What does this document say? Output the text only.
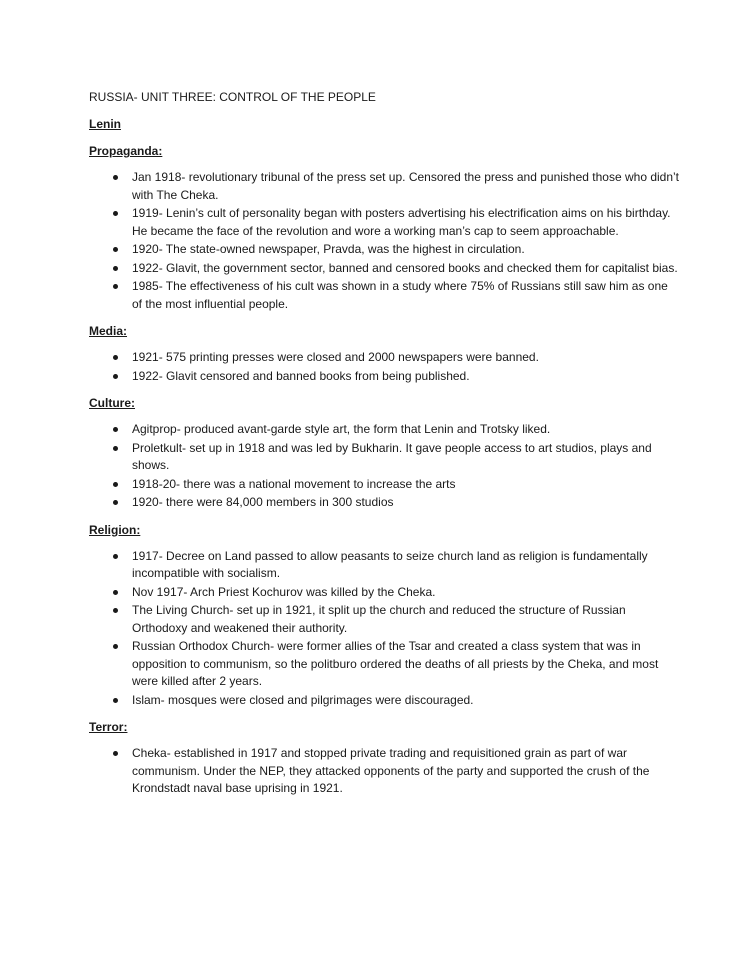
RUSSIA- UNIT THREE: CONTROL OF THE PEOPLE

Lenin

Propaganda:

Jan 1918- revolutionary tribunal of the press set up. Censored the press and punished those who didn’t with The Cheka.
1919- Lenin’s cult of personality began with posters advertising his electrification aims on his birthday. He became the face of the revolution and wore a working man’s cap to seem approachable.
1920- The state-owned newspaper, Pravda, was the highest in circulation.
1922- Glavit, the government sector, banned and censored books and checked them for capitalist bias.
1985- The effectiveness of his cult was shown in a study where 75% of Russians still saw him as one of the most influential people.

Media:

1921- 575 printing presses were closed and 2000 newspapers were banned.
1922- Glavit censored and banned books from being published.

Culture:

Agitprop- produced avant-garde style art, the form that Lenin and Trotsky liked.
Proletkult- set up in 1918 and was led by Bukharin. It gave people access to art studios, plays and shows.
1918-20- there was a national movement to increase the arts
1920- there were 84,000 members in 300 studios

Religion:

1917- Decree on Land passed to allow peasants to seize church land as religion is fundamentally incompatible with socialism.
Nov 1917- Arch Priest Kochurov was killed by the Cheka.
The Living Church- set up in 1921, it split up the church and reduced the structure of Russian Orthodoxy and weakened their authority.
Russian Orthodox Church- were former allies of the Tsar and created a class system that was in opposition to communism, so the politburo ordered the deaths of all priests by the Cheka, and most were killed after 2 years.
Islam- mosques were closed and pilgrimages were discouraged.

Terror:

Cheka- established in 1917 and stopped private trading and requisitioned grain as part of war communism. Under the NEP, they attacked opponents of the party and supported the crush of the Krondstadt naval base uprising in 1921.
